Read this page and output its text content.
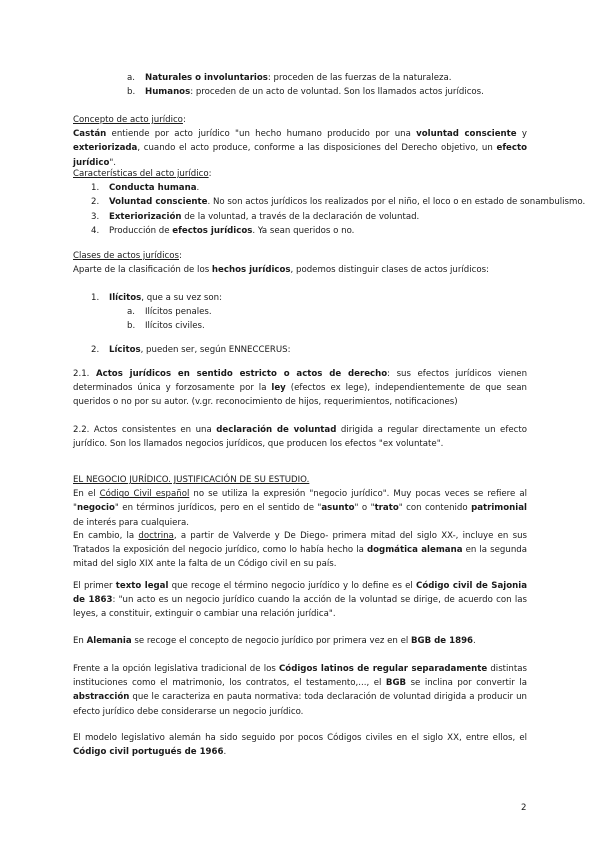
a. Naturales o involuntarios: proceden de las fuerzas de la naturaleza.
b. Humanos: proceden de un acto de voluntad. Son los llamados actos jurídicos.
Concepto de acto jurídico:

Castán entiende por acto jurídico "un hecho humano producido por una voluntad consciente y exteriorizada, cuando el acto produce, conforme a las disposiciones del Derecho objetivo, un efecto jurídico".

Características del acto jurídico:
1. Conducta humana.
2. Voluntad consciente. No son actos jurídicos los realizados por el niño, el loco o en estado de sonambulismo.
3. Exteriorización de la voluntad, a través de la declaración de voluntad.
4. Producción de efectos jurídicos. Ya sean queridos o no.
Clases de actos jurídicos:

Aparte de la clasificación de los hechos jurídicos, podemos distinguir clases de actos jurídicos:

1. Ilícitos, que a su vez son:
a. Ilícitos penales.
b. Ilícitos civiles.
2. Lícitos, pueden ser, según ENNECCERUS:

2.1. Actos jurídicos en sentido estricto o actos de derecho: sus efectos jurídicos vienen determinados única y forzosamente por la ley (efectos ex lege), independientemente de que sean queridos o no por su autor. (v.gr. reconocimiento de hijos, requerimientos, notificaciones)

2.2. Actos consistentes en una declaración de voluntad dirigida a regular directamente un efecto jurídico. Son los llamados negocios jurídicos, que producen los efectos "ex voluntate".

EL NEGOCIO JURÍDICO. JUSTIFICACIÓN DE SU ESTUDIO.

En el Código Civil español no se utiliza la expresión "negocio jurídico". Muy pocas veces se refiere al "negocio" en términos jurídicos, pero en el sentido de "asunto" o "trato" con contenido patrimonial de interés para cualquiera.

En cambio, la doctrina, a partir de Valverde y De Diego- primera mitad del siglo XX-, incluye en sus Tratados la exposición del negocio jurídico, como lo había hecho la dogmática alemana en la segunda mitad del siglo XIX ante la falta de un Código civil en su país.

El primer texto legal que recoge el término negocio jurídico y lo define es el Código civil de Sajonia de 1863: "un acto es un negocio jurídico cuando la acción de la voluntad se dirige, de acuerdo con las leyes, a constituir, extinguir o cambiar una relación jurídica".

En Alemania se recoge el concepto de negocio jurídico por primera vez en el BGB de 1896.

Frente a la opción legislativa tradicional de los Códigos latinos de regular separadamente distintas instituciones como el matrimonio, los contratos, el testamento,..., el BGB se inclina por convertir la abstracción que le caracteriza en pauta normativa: toda declaración de voluntad dirigida a producir un efecto jurídico debe considerarse un negocio jurídico.

El modelo legislativo alemán ha sido seguido por pocos Códigos civiles en el siglo XX, entre ellos, el Código civil portugués de 1966.

2
